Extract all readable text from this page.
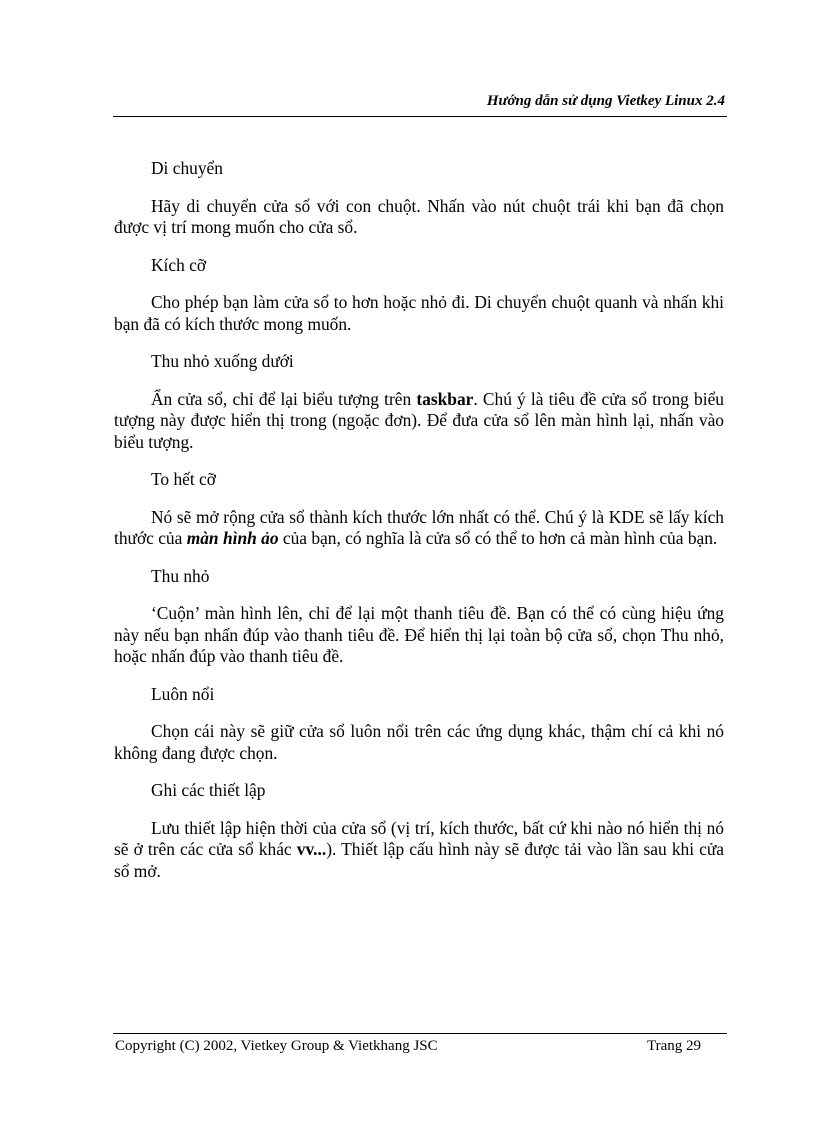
Hướng dẫn sử dụng Vietkey Linux 2.4

Di chuyển

Hãy di chuyển cửa sổ với con chuột. Nhấn vào nút chuột trái khi bạn đã chọn được vị trí mong muốn cho cửa sổ.

Kích cỡ

Cho phép bạn làm cửa sổ to hơn hoặc nhỏ đi. Di chuyển chuột quanh và nhấn khi bạn đã có kích thước mong muốn.

Thu nhỏ xuống dưới

Ẩn cửa sổ, chỉ để lại biểu tượng trên taskbar. Chú ý là tiêu đề cửa sổ trong biểu tượng này được hiển thị trong (ngoặc đơn). Để đưa cửa sổ lên màn hình lại, nhấn vào biểu tượng.

To hết cỡ

Nó sẽ mở rộng cửa sổ thành kích thước lớn nhất có thể. Chú ý là KDE sẽ lấy kích thước của màn hình ảo của bạn, có nghĩa là cửa sổ có thể to hơn cả màn hình của bạn.

Thu nhỏ

‘Cuộn’ màn hình lên, chỉ để lại một thanh tiêu đề. Bạn có thể có cùng hiệu ứng này nếu bạn nhấn đúp vào thanh tiêu đề. Để hiển thị lại toàn bộ cửa sổ, chọn Thu nhỏ, hoặc nhấn đúp vào thanh tiêu đề.

Luôn nổi

Chọn cái này sẽ giữ cửa sổ luôn nổi trên các ứng dụng khác, thậm chí cả khi nó không đang được chọn.

Ghi các thiết lập

Lưu thiết lập hiện thời của cửa sổ (vị trí, kích thước, bất cứ khi nào nó hiển thị nó sẽ ở trên các cửa sổ khác vv...). Thiết lập cấu hình này sẽ được tải vào lần sau khi cửa sổ mở.

Copyright (C) 2002, Vietkey Group & Vietkhang JSC	Trang 29
